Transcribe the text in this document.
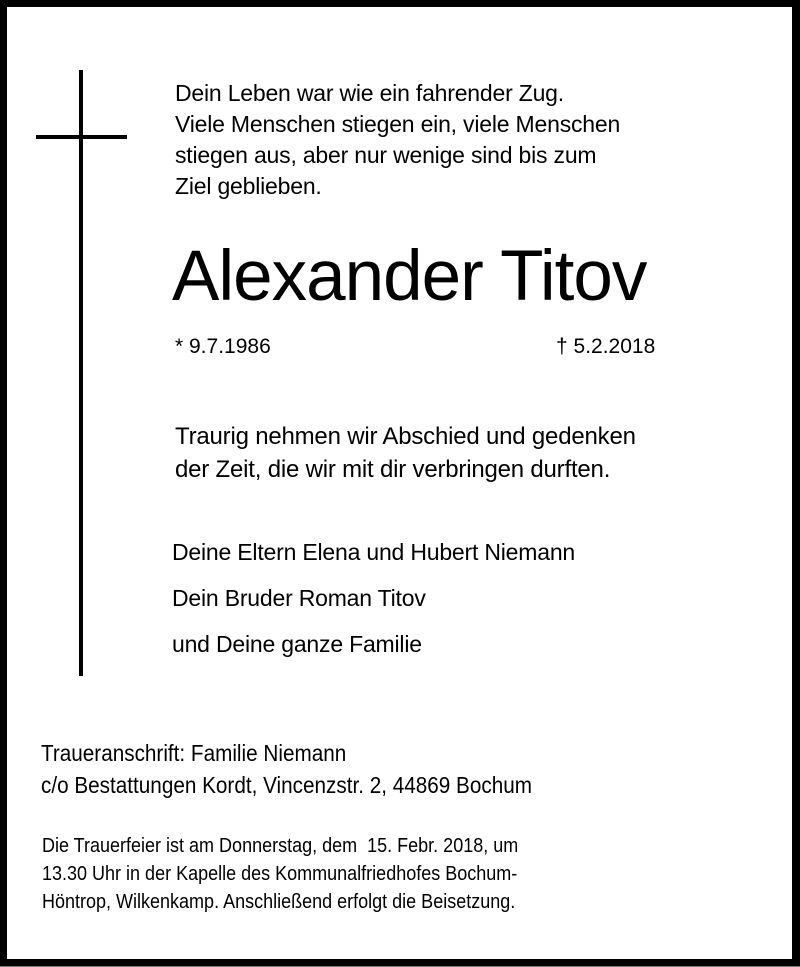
Dein Leben war wie ein fahrender Zug.
Viele Menschen stiegen ein, viele Menschen
stiegen aus, aber nur wenige sind bis zum
Ziel geblieben.
Alexander Titov
* 9.7.1986	† 5.2.2018
Traurig nehmen wir Abschied und gedenken
der Zeit, die wir mit dir verbringen durften.
Deine Eltern Elena und Hubert Niemann
Dein Bruder Roman Titov
und Deine ganze Familie
Traueranschrift: Familie Niemann
c/o Bestattungen Kordt, Vincenzstr. 2, 44869 Bochum
Die Trauerfeier ist am Donnerstag, dem  15. Febr. 2018, um
13.30 Uhr in der Kapelle des Kommunalfriedhofes Bochum-
Höntrop, Wilkenkamp. Anschließend erfolgt die Beisetzung.
